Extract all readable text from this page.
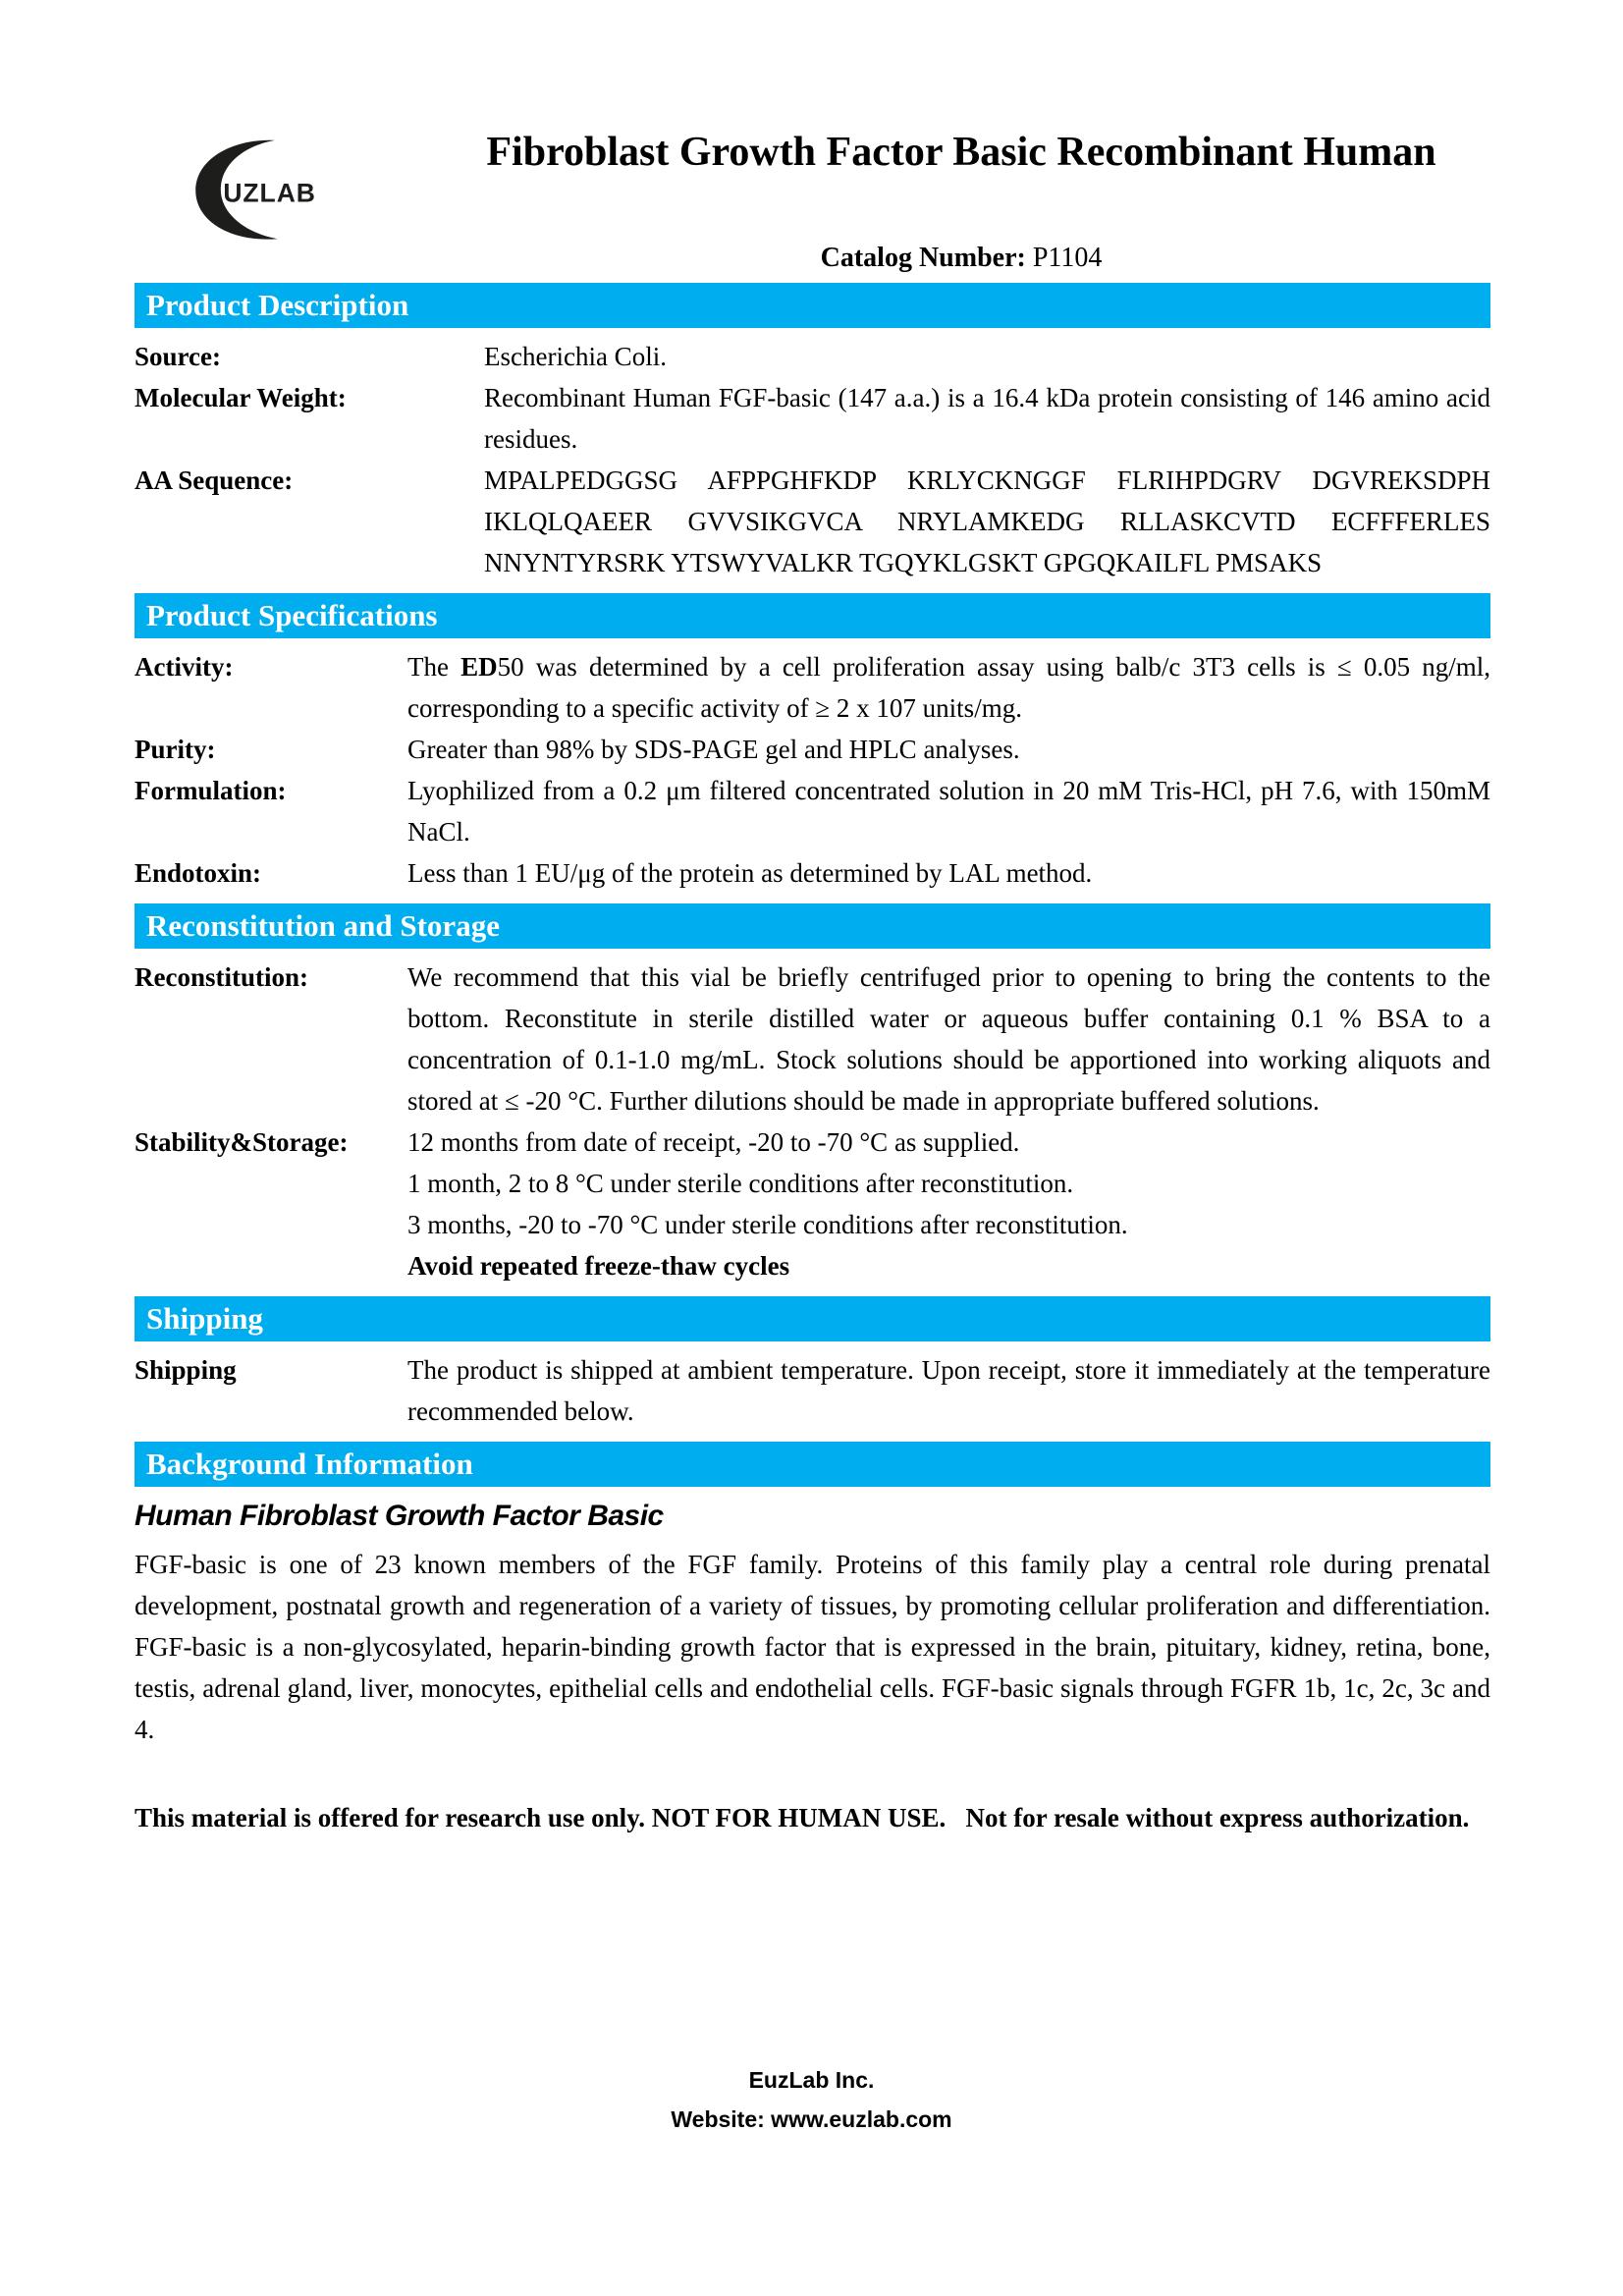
EUZLAB
Fibroblast Growth Factor Basic Recombinant Human
Catalog Number: P1104
Product Description
Source:	Escherichia Coli.
Molecular Weight:	Recombinant Human FGF-basic (147 a.a.) is a 16.4 kDa protein consisting of 146 amino acid residues.
AA Sequence:	MPALPEDGGSG AFPPGHFKDP KRLYCKNGGF FLRIHPDGRV DGVREKSDPH IKLQLQAEER GVVSIKGVCA NRYLAMKEDG RLLASKCVTD ECFFFERLES NNYNTYRSRK YTSWYVALKR TGQYKLGSKT GPGQKAILFL PMSAKS
Product Specifications
Activity:	The ED50 was determined by a cell proliferation assay using balb/c 3T3 cells is ≤ 0.05 ng/ml, corresponding to a specific activity of ≥ 2 x 107 units/mg.
Purity:	Greater than 98% by SDS-PAGE gel and HPLC analyses.
Formulation:	Lyophilized from a 0.2 μm filtered concentrated solution in 20 mM Tris-HCl, pH 7.6, with 150mM NaCl.
Endotoxin:	Less than 1 EU/μg of the protein as determined by LAL method.
Reconstitution and Storage
Reconstitution:	We recommend that this vial be briefly centrifuged prior to opening to bring the contents to the bottom. Reconstitute in sterile distilled water or aqueous buffer containing 0.1 % BSA to a concentration of 0.1-1.0 mg/mL. Stock solutions should be apportioned into working aliquots and stored at ≤ -20 °C. Further dilutions should be made in appropriate buffered solutions.
Stability&Storage:	12 months from date of receipt, -20 to -70 °C as supplied.
1 month, 2 to 8 °C under sterile conditions after reconstitution.
3 months, -20 to -70 °C under sterile conditions after reconstitution.
Avoid repeated freeze-thaw cycles
Shipping
Shipping	The product is shipped at ambient temperature. Upon receipt, store it immediately at the temperature recommended below.
Background Information
Human Fibroblast Growth Factor Basic
FGF-basic is one of 23 known members of the FGF family. Proteins of this family play a central role during prenatal development, postnatal growth and regeneration of a variety of tissues, by promoting cellular proliferation and differentiation. FGF-basic is a non-glycosylated, heparin-binding growth factor that is expressed in the brain, pituitary, kidney, retina, bone, testis, adrenal gland, liver, monocytes, epithelial cells and endothelial cells. FGF-basic signals through FGFR 1b, 1c, 2c, 3c and 4.
This material is offered for research use only. NOT FOR HUMAN USE.   Not for resale without express authorization.
EuzLab Inc.
Website: www.euzlab.com
